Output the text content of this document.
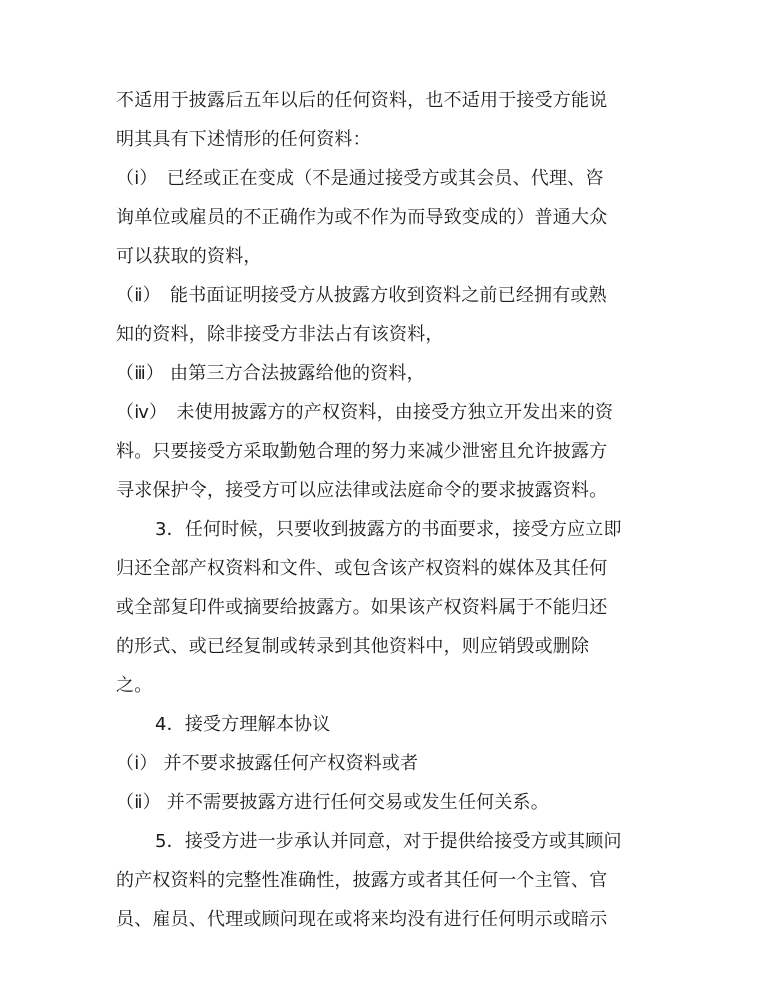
不适用于披露后五年以后的任何资料，也不适用于接受方能说
明其具有下述情形的任何资料：
（ⅰ）　已经或正在变成（不是通过接受方或其会员、代理、咨
询单位或雇员的不正确作为或不作为而导致变成的）普通大众
可以获取的资料，
（ⅱ）　能书面证明接受方从披露方收到资料之前已经拥有或熟
知的资料，除非接受方非法占有该资料，
（ⅲ） 由第三方合法披露给他的资料，
（ⅳ）　未使用披露方的产权资料，由接受方独立开发出来的资
料。只要接受方采取勤勉合理的努力来减少泄密且允许披露方
寻求保护令，接受方可以应法律或法庭命令的要求披露资料。
3．任何时候，只要收到披露方的书面要求，接受方应立即
归还全部产权资料和文件、或包含该产权资料的媒体及其任何
或全部复印件或摘要给披露方。如果该产权资料属于不能归还
的形式、或已经复制或转录到其他资料中，则应销毁或删除
之。
4．接受方理解本协议
（ⅰ） 并不要求披露任何产权资料或者
（ⅱ） 并不需要披露方进行任何交易或发生任何关系。
5．接受方进一步承认并同意，对于提供给接受方或其顾问
的产权资料的完整性准确性，披露方或者其任何一个主管、官
员、雇员、代理或顾问现在或将来均没有进行任何明示或暗示
